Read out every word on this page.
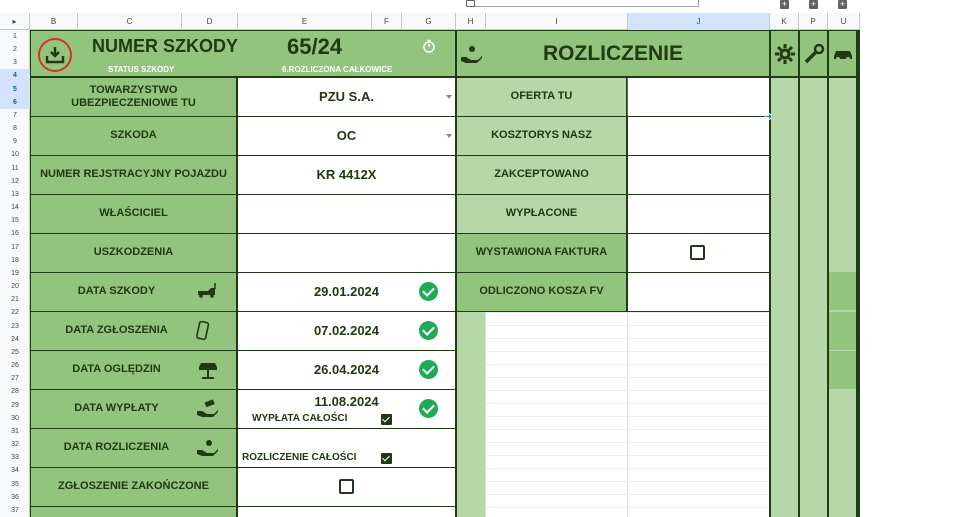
+	+	+
▸	B	C	D	E	F	G	H	I	J	K	P	U
1
2
3
4
5
6
7
8
9
10
11
12
13
14
15
16
17
18
19
20
21
22
23
24
25
26
27
28
29
30
31
32
33
34
35
36
37
NUMER SZKODY
STATUS SZKODY
65/24
6.ROZLICZONA CAŁKOWICE
ROZLICZENIE
TOWARZYSTWO UBEZPIECZENIOWE TU	PZU S.A.
SZKODA	OC
NUMER REJSTRACYJNY POJAZDU	KR 4412X
WŁAŚCICIEL
USZKODZENIA
DATA SZKODY	29.01.2024
DATA ZGŁOSZENIA	07.02.2024
DATA OGLĘDZIN	26.04.2024
DATA WYPŁATY	11.08.2024
WYPŁATA CAŁOŚCI
DATA ROZLICZENIA
ROZLICZENIE CAŁOŚCI
ZGŁOSZENIE ZAKOŃCZONE
OFERTA TU
KOSZTORYS NASZ
ZAKCEPTOWANO
WYPŁACONE
WYSTAWIONA FAKTURA
ODLICZONO KOSZA FV
